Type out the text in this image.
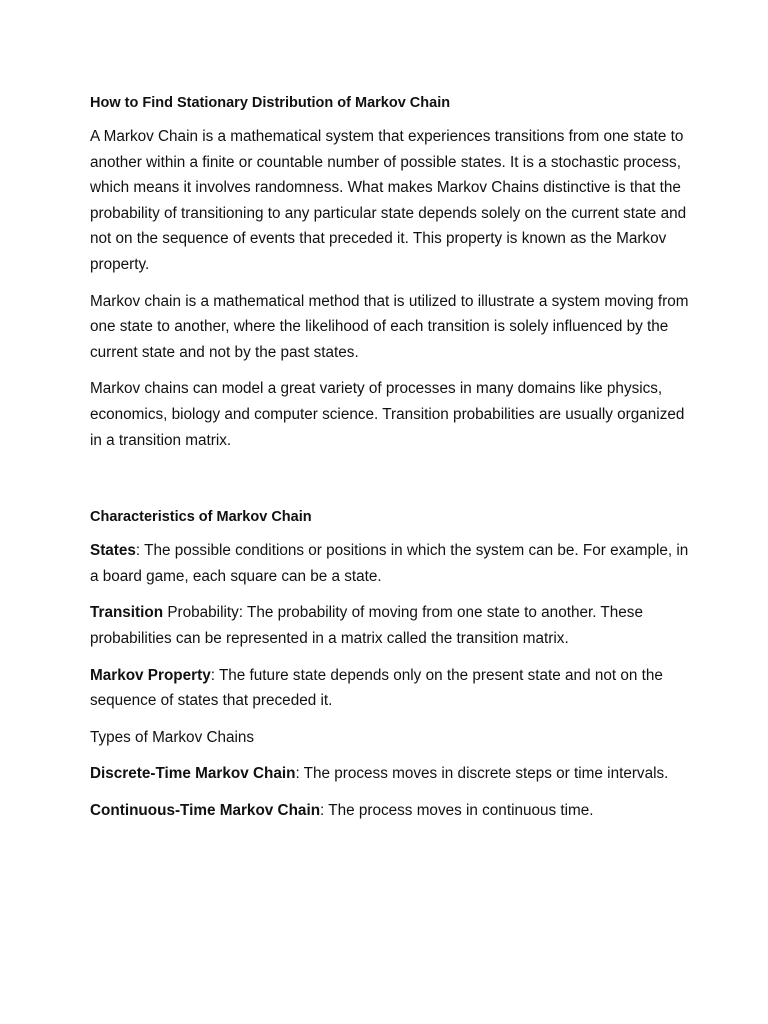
How to Find Stationary Distribution of Markov Chain

A Markov Chain is a mathematical system that experiences transitions from one state to another within a finite or countable number of possible states. It is a stochastic process, which means it involves randomness. What makes Markov Chains distinctive is that the probability of transitioning to any particular state depends solely on the current state and not on the sequence of events that preceded it. This property is known as the Markov property.

Markov chain is a mathematical method that is utilized to illustrate a system moving from one state to another, where the likelihood of each transition is solely influenced by the current state and not by the past states.

Markov chains can model a great variety of processes in many domains like physics, economics, biology and computer science. Transition probabilities are usually organized in a transition matrix.

Characteristics of Markov Chain

States: The possible conditions or positions in which the system can be. For example, in a board game, each square can be a state.

Transition Probability: The probability of moving from one state to another. These probabilities can be represented in a matrix called the transition matrix.

Markov Property: The future state depends only on the present state and not on the sequence of states that preceded it.

Types of Markov Chains

Discrete-Time Markov Chain: The process moves in discrete steps or time intervals.

Continuous-Time Markov Chain: The process moves in continuous time.
